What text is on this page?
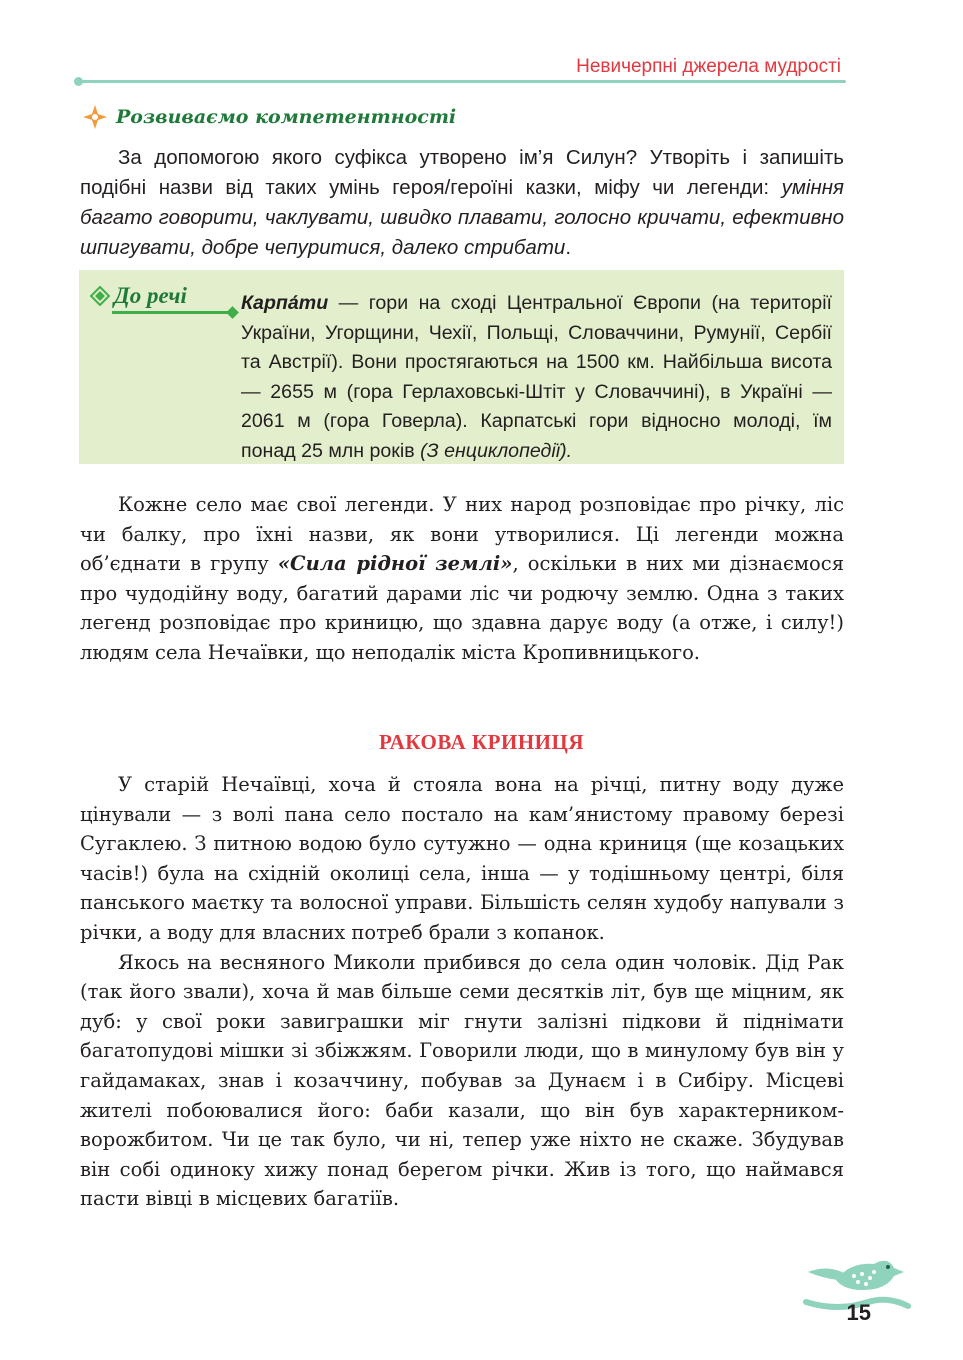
Невичерпні джерела мудрості
Розвиваємо компетентності
За допомогою якого суфікса утворено ім’я Силун? Утворіть і запишіть подібні назви від таких умінь героя/героїні казки, міфу чи легенди: уміння багато говорити, чаклувати, швидко плавати, голосно кричати, ефективно шпигувати, добре чепуритися, далеко стрибати.
До речі	Карпа́ти — гори на сході Центральної Європи (на території України, Угорщини, Чехії, Польщі, Словаччини, Румунії, Сербії та Австрії). Вони простягаються на 1500 км. Найбільша висота — 2655 м (гора Герлаховськi-Штiт у Словаччині), в Україні — 2061 м (гора Говерла). Карпатські гори відносно молоді, їм понад 25 млн років (З енциклопедії).
Кожне село має свої легенди. У них народ розповідає про річку, ліс чи балку, про їхні назви, як вони утворилися. Ці легенди можна об’єднати в групу «Сила рідної землі», оскільки в них ми дізнаємося про чудодійну воду, багатий дарами ліс чи родючу землю. Одна з таких легенд розповідає про криницю, що здавна дарує воду (а отже, і силу!) людям села Нечаївки, що неподалік міста Кропивницького.
РАКОВА КРИНИЦЯ
У старій Нечаївці, хоча й стояла вона на річці, питну воду дуже цінували — з волі пана село постало на кам’янистому правому березі Сугаклею. З питною водою було сутужно — одна криниця (ще козацьких часів!) була на східній околиці села, інша — у тодішньому центрі, біля панського маєтку та волосної управи. Більшість селян худобу напували з річки, а воду для власних потреб брали з копанок.
Якось на весняного Миколи прибився до села один чоловік. Дід Рак (так його звали), хоча й мав більше семи десятків літ, був ще міцним, як дуб: у свої роки завиграшки міг гнути залізні підкови й піднімати багатопудові мішки зі збіжжям. Говорили люди, що в минулому був він у гайдамаках, знав і козаччину, побував за Дунаєм і в Сибіру. Місцеві жителі побоювалися його: баби казали, що він був характерником-ворожбитом. Чи це так було, чи ні, тепер уже ніхто не скаже. Збудував він собі одиноку хижу понад берегом річки. Жив із того, що наймався пасти вівці в місцевих багатіїв.
15
